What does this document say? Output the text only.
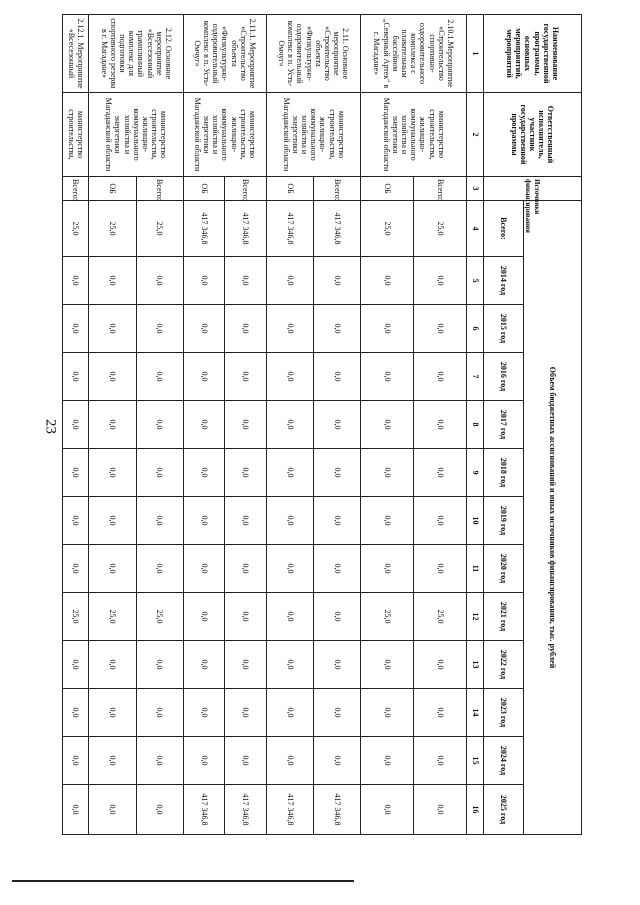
23
Наименование государственной программы, основных мероприятий, мероприятий	Ответственный исполнитель, участник государственной программы	Источники финансирования	Объем бюджетных ассигнований и иных источников финансирования, тыс. рублей												
			Всего:	2014 год	2015 год	2016 год	2017 год	2018 год	2019 год	2020 год	2021 год	2022 год	2023 год	2024 год	2025 год
1	2	3	4	5	6	7	8	9	10	11	12	13	14	15	16
2.10.1.Мероприятие «Строительство спортивно-оздоровительного комплекса с плавательным бассейном „Северный Артек" в г. Магадане»	министерство строительства, жилищно-коммунального хозяйства и энергетики Магаданской области	Всего:	25,0	0,0	0,0	0,0	0,0	0,0	0,0	0,0	25,0	0,0	0,0	0,0	0,0
		ОБ	25,0	0,0	0,0	0,0	0,0	0,0	0,0	0,0	25,0	0,0	0,0	0,0	0,0
2.11. Основное мероприятие «Строительство объекта «Физкультурно-оздоровительный комплекс в п. Усть-Омчуг»	министерство строительства, жилищно-коммунального хозяйства и энергетики Магаданской области	Всего:	417 346,8	0,0	0,0	0,0	0,0	0,0	0,0	0,0	0,0	0,0	0,0	0,0	417 346,8
		ОБ	417 346,8	0,0	0,0	0,0	0,0	0,0	0,0	0,0	0,0	0,0	0,0	0,0	417 346,8
2.11.1. Мероприятие «Строительство объекта «Физкультурно-оздоровительный комплекс в п. Усть-Омчуг»	министерство строительства, жилищно-коммунального хозяйства и энергетики Магаданской области	Всего:	417 346,8	0,0	0,0	0,0	0,0	0,0	0,0	0,0	0,0	0,0	0,0	0,0	417 346,8
		ОБ	417 346,8	0,0	0,0	0,0	0,0	0,0	0,0	0,0	0,0	0,0	0,0	0,0	417 346,8
2.12. Основное мероприятие «Всесезонный трамплинный комплекс для подготовки спортивного резерва в г. Магадане»	министерство строительства, жилищно-коммунального хозяйства и энергетики Магаданской области	Всего:	25,0	0,0	0,0	0,0	0,0	0,0	0,0	0,0	25,0	0,0	0,0	0,0	0,0
		ОБ	25,0	0,0	0,0	0,0	0,0	0,0	0,0	0,0	25,0	0,0	0,0	0,0	0,0
2.12.1. Мероприятие «Всесезонный	министерство строительства,	Всего:	25,0	0,0	0,0	0,0	0,0	0,0	0,0	0,0	25,0	0,0	0,0	0,0	0,0
